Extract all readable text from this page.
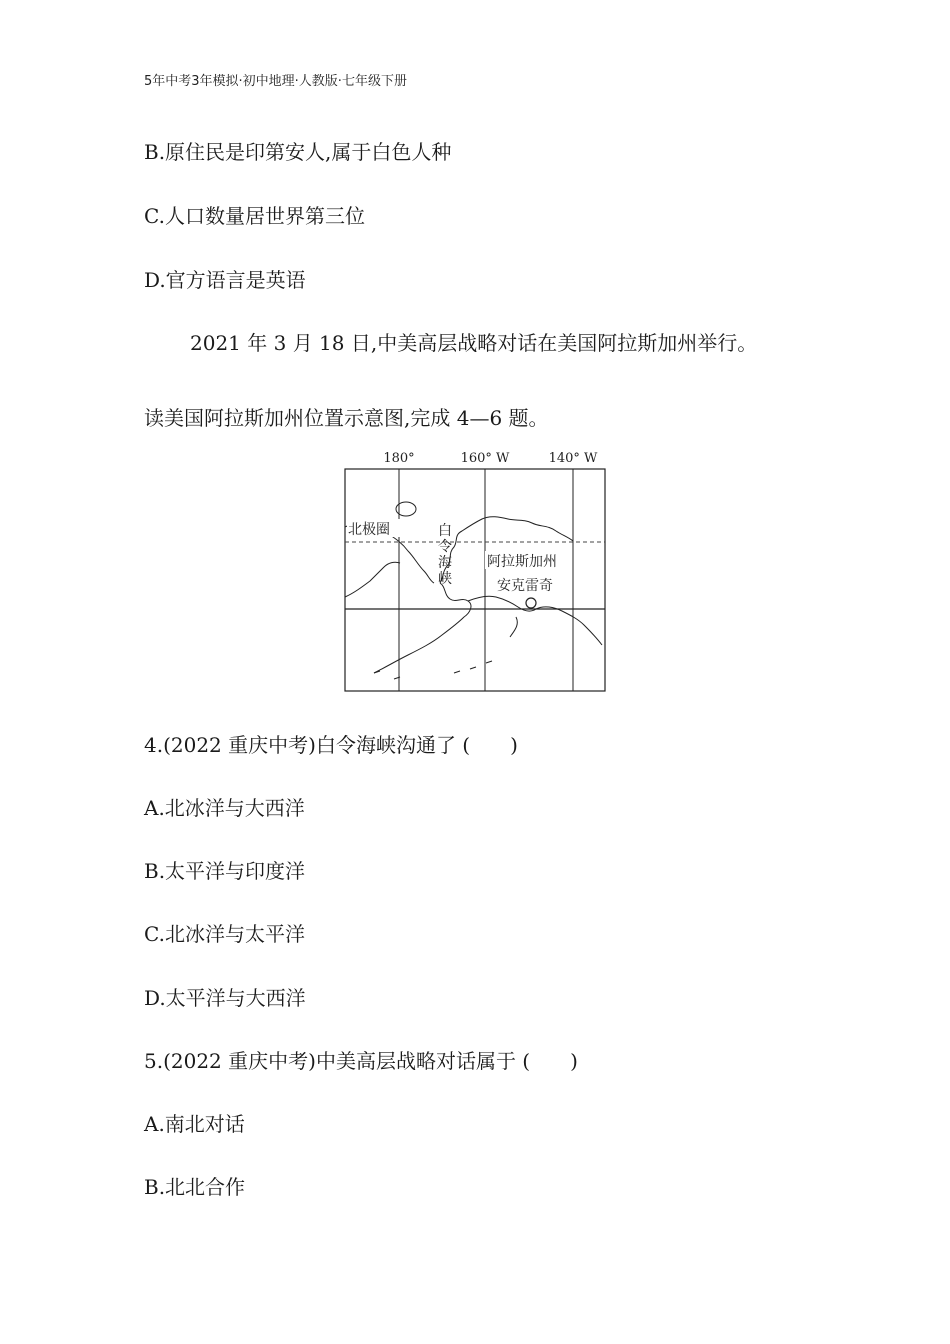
5年中考3年模拟·初中地理·人教版·七年级下册
B.原住民是印第安人,属于白色人种
C.人口数量居世界第三位
D.官方语言是英语
2021 年 3 月 18 日,中美高层战略对话在美国阿拉斯加州举行。
读美国阿拉斯加州位置示意图,完成 4—6 题。
180°	160° W	140° W
北极圈	白
令
海
峡
阿拉斯加州
安克雷奇
4.(2022 重庆中考)白令海峡沟通了 (　　)
A.北冰洋与大西洋
B.太平洋与印度洋
C.北冰洋与太平洋
D.太平洋与大西洋
5.(2022 重庆中考)中美高层战略对话属于 (　　)
A.南北对话
B.北北合作
